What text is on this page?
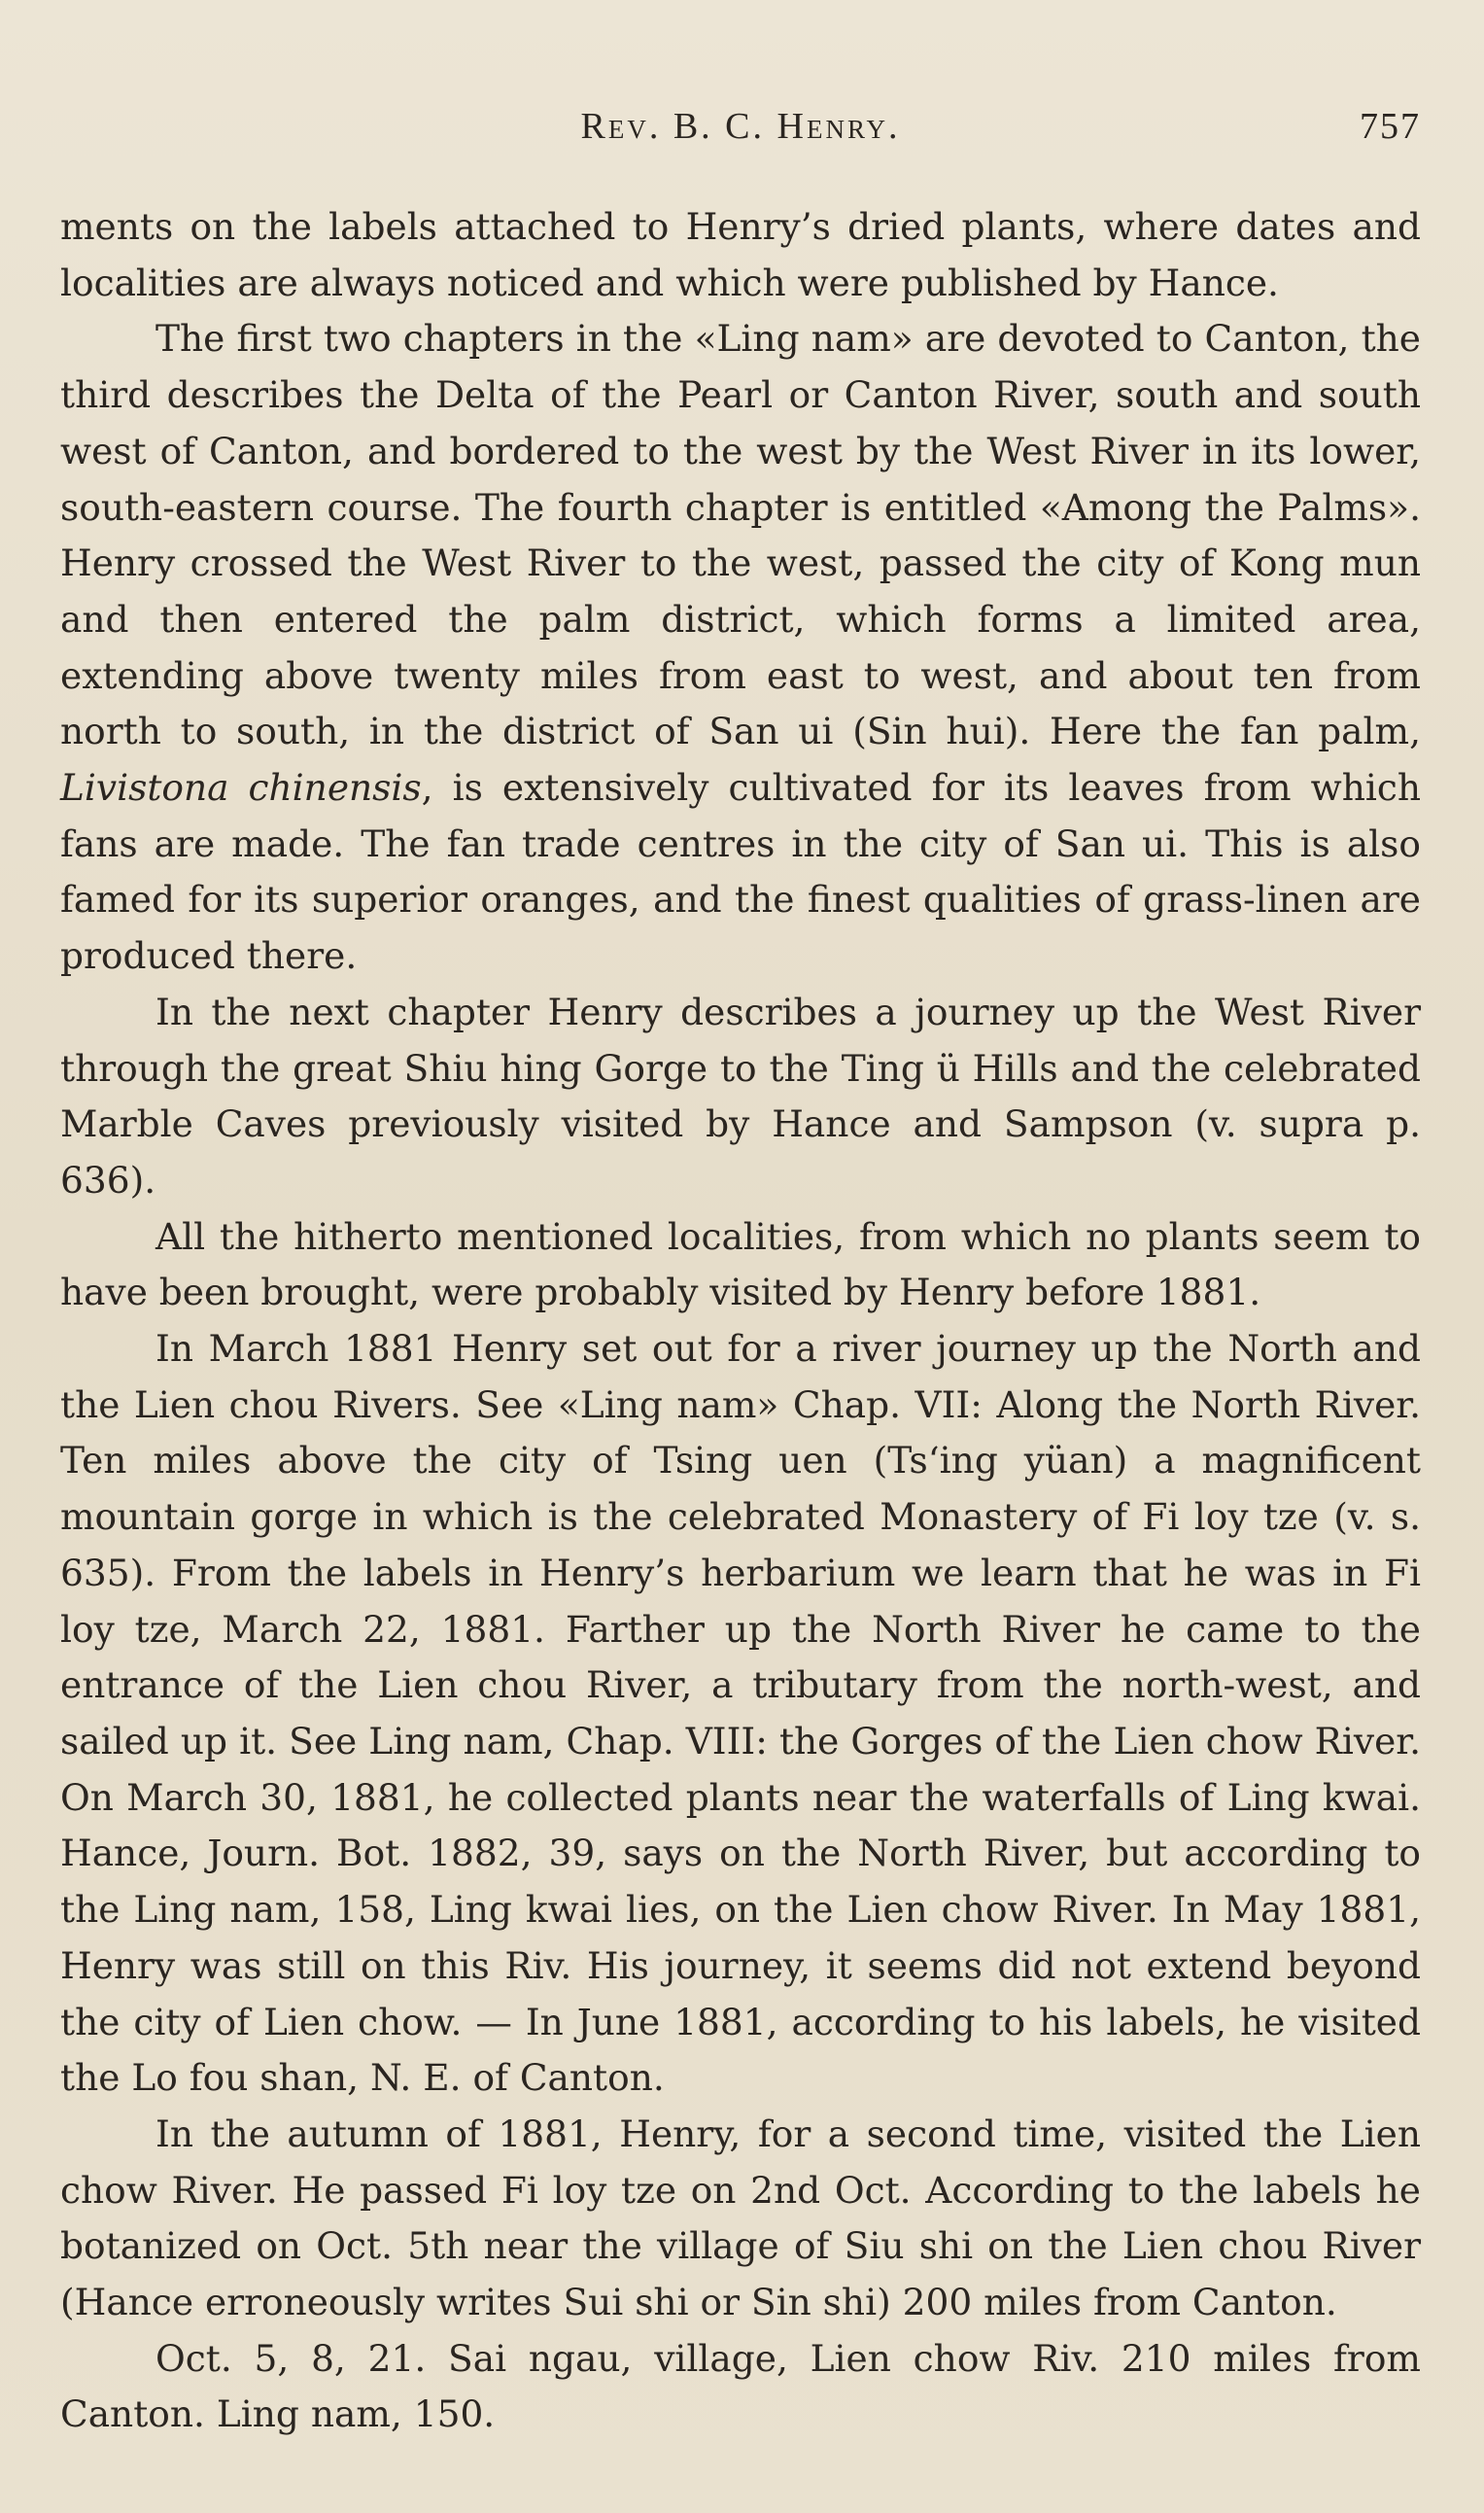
Rev. B. C. Henry.	757

ments on the labels attached to Henry’s dried plants, where dates and localities are always noticed and which were published by Hance.

The first two chapters in the «Ling nam» are devoted to Canton, the third describes the Delta of the Pearl or Canton River, south and south west of Canton, and bordered to the west by the West River in its lower, south-eastern course. The fourth chapter is entitled «Among the Palms». Henry crossed the West River to the west, passed the city of Kong mun and then entered the palm district, which forms a limited area, extending above twenty miles from east to west, and about ten from north to south, in the district of San ui (Sin hui). Here the fan palm, Livistona chinensis, is extensively cultivated for its leaves from which fans are made. The fan trade centres in the city of San ui. This is also famed for its superior oranges, and the finest qualities of grass-linen are produced there.

In the next chapter Henry describes a journey up the West River through the great Shiu hing Gorge to the Ting ü Hills and the celebrated Marble Caves previously visited by Hance and Sampson (v. supra p. 636).

All the hitherto mentioned localities, from which no plants seem to have been brought, were probably visited by Henry before 1881.

In March 1881 Henry set out for a river journey up the North and the Lien chou Rivers. See «Ling nam» Chap. VII: Along the North River. Ten miles above the city of Tsing uen (Ts‘ing yüan) a magnificent mountain gorge in which is the celebrated Monastery of Fi loy tze (v. s. 635). From the labels in Henry’s herbarium we learn that he was in Fi loy tze, March 22, 1881. Farther up the North River he came to the entrance of the Lien chou River, a tributary from the north-west, and sailed up it. See Ling nam, Chap. VIII: the Gorges of the Lien chow River. On March 30, 1881, he collected plants near the waterfalls of Ling kwai. Hance, Journ. Bot. 1882, 39, says on the North River, but according to the Ling nam, 158, Ling kwai lies, on the Lien chow River. In May 1881, Henry was still on this Riv. His journey, it seems did not extend beyond the city of Lien chow. — In June 1881, according to his labels, he visited the Lo fou shan, N. E. of Canton.

In the autumn of 1881, Henry, for a second time, visited the Lien chow River. He passed Fi loy tze on 2nd Oct. According to the labels he botanized on Oct. 5th near the village of Siu shi on the Lien chou River (Hance erroneously writes Sui shi or Sin shi) 200 miles from Canton.

Oct. 5, 8, 21. Sai ngau, village, Lien chow Riv. 210 miles from Canton. Ling nam, 150.
